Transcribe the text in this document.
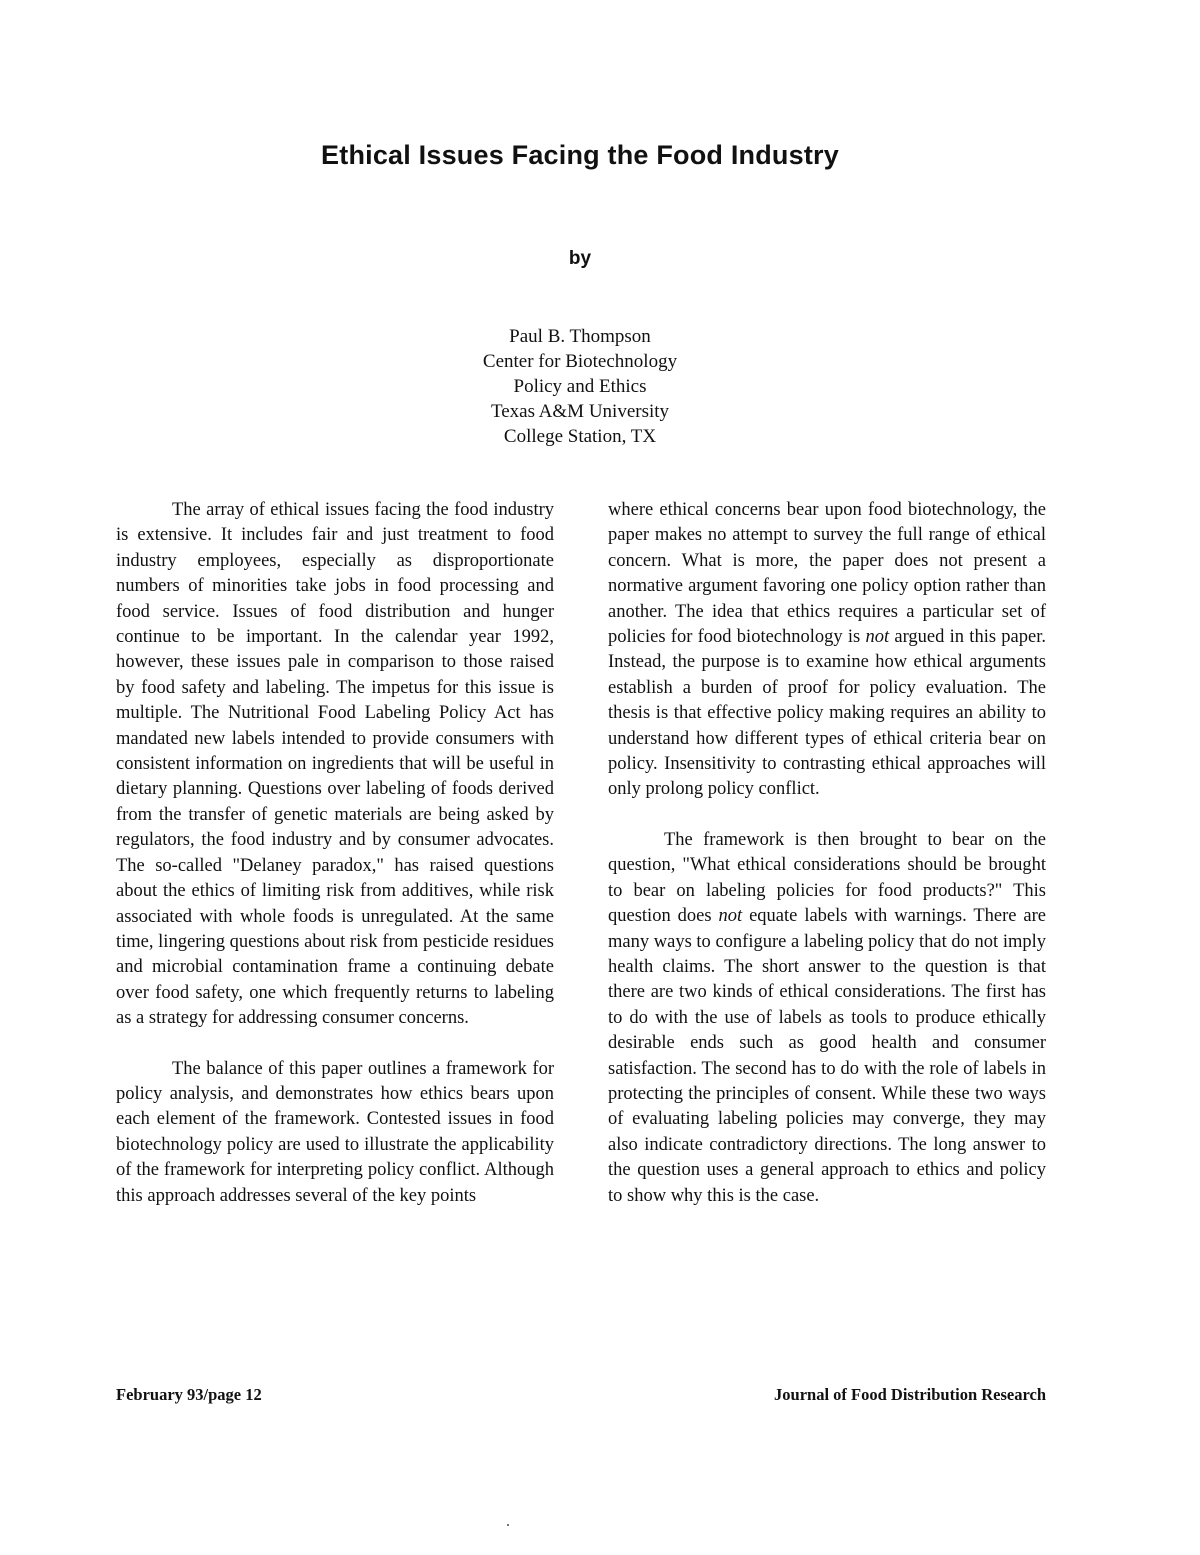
Ethical Issues Facing the Food Industry
by
Paul B. Thompson
Center for Biotechnology
Policy and Ethics
Texas A&M University
College Station, TX

The array of ethical issues facing the food industry is extensive. It includes fair and just treatment to food industry employees, especially as disproportionate numbers of minorities take jobs in food processing and food service. Issues of food distribution and hunger continue to be important. In the calendar year 1992, however, these issues pale in comparison to those raised by food safety and labeling. The impetus for this issue is multiple. The Nutritional Food Labeling Policy Act has mandated new labels intended to provide consumers with consistent information on ingredients that will be useful in dietary planning. Questions over labeling of foods derived from the transfer of genetic materials are being asked by regulators, the food industry and by consumer advocates. The so-called "Delaney paradox," has raised questions about the ethics of limiting risk from additives, while risk associated with whole foods is unregulated. At the same time, lingering questions about risk from pesticide residues and microbial contamination frame a continuing debate over food safety, one which frequently returns to labeling as a strategy for addressing consumer concerns.

The balance of this paper outlines a framework for policy analysis, and demonstrates how ethics bears upon each element of the framework. Contested issues in food biotechnology policy are used to illustrate the applicability of the framework for interpreting policy conflict. Although this approach addresses several of the key points

where ethical concerns bear upon food biotechnology, the paper makes no attempt to survey the full range of ethical concern. What is more, the paper does not present a normative argument favoring one policy option rather than another. The idea that ethics requires a particular set of policies for food biotechnology is not argued in this paper. Instead, the purpose is to examine how ethical arguments establish a burden of proof for policy evaluation. The thesis is that effective policy making requires an ability to understand how different types of ethical criteria bear on policy. Insensitivity to contrasting ethical approaches will only prolong policy conflict.

The framework is then brought to bear on the question, "What ethical considerations should be brought to bear on labeling policies for food products?" This question does not equate labels with warnings. There are many ways to configure a labeling policy that do not imply health claims. The short answer to the question is that there are two kinds of ethical considerations. The first has to do with the use of labels as tools to produce ethically desirable ends such as good health and consumer satisfaction. The second has to do with the role of labels in protecting the principles of consent. While these two ways of evaluating labeling policies may converge, they may also indicate contradictory directions. The long answer to the question uses a general approach to ethics and policy to show why this is the case.

February 93/page 12	Journal of Food Distribution Research
